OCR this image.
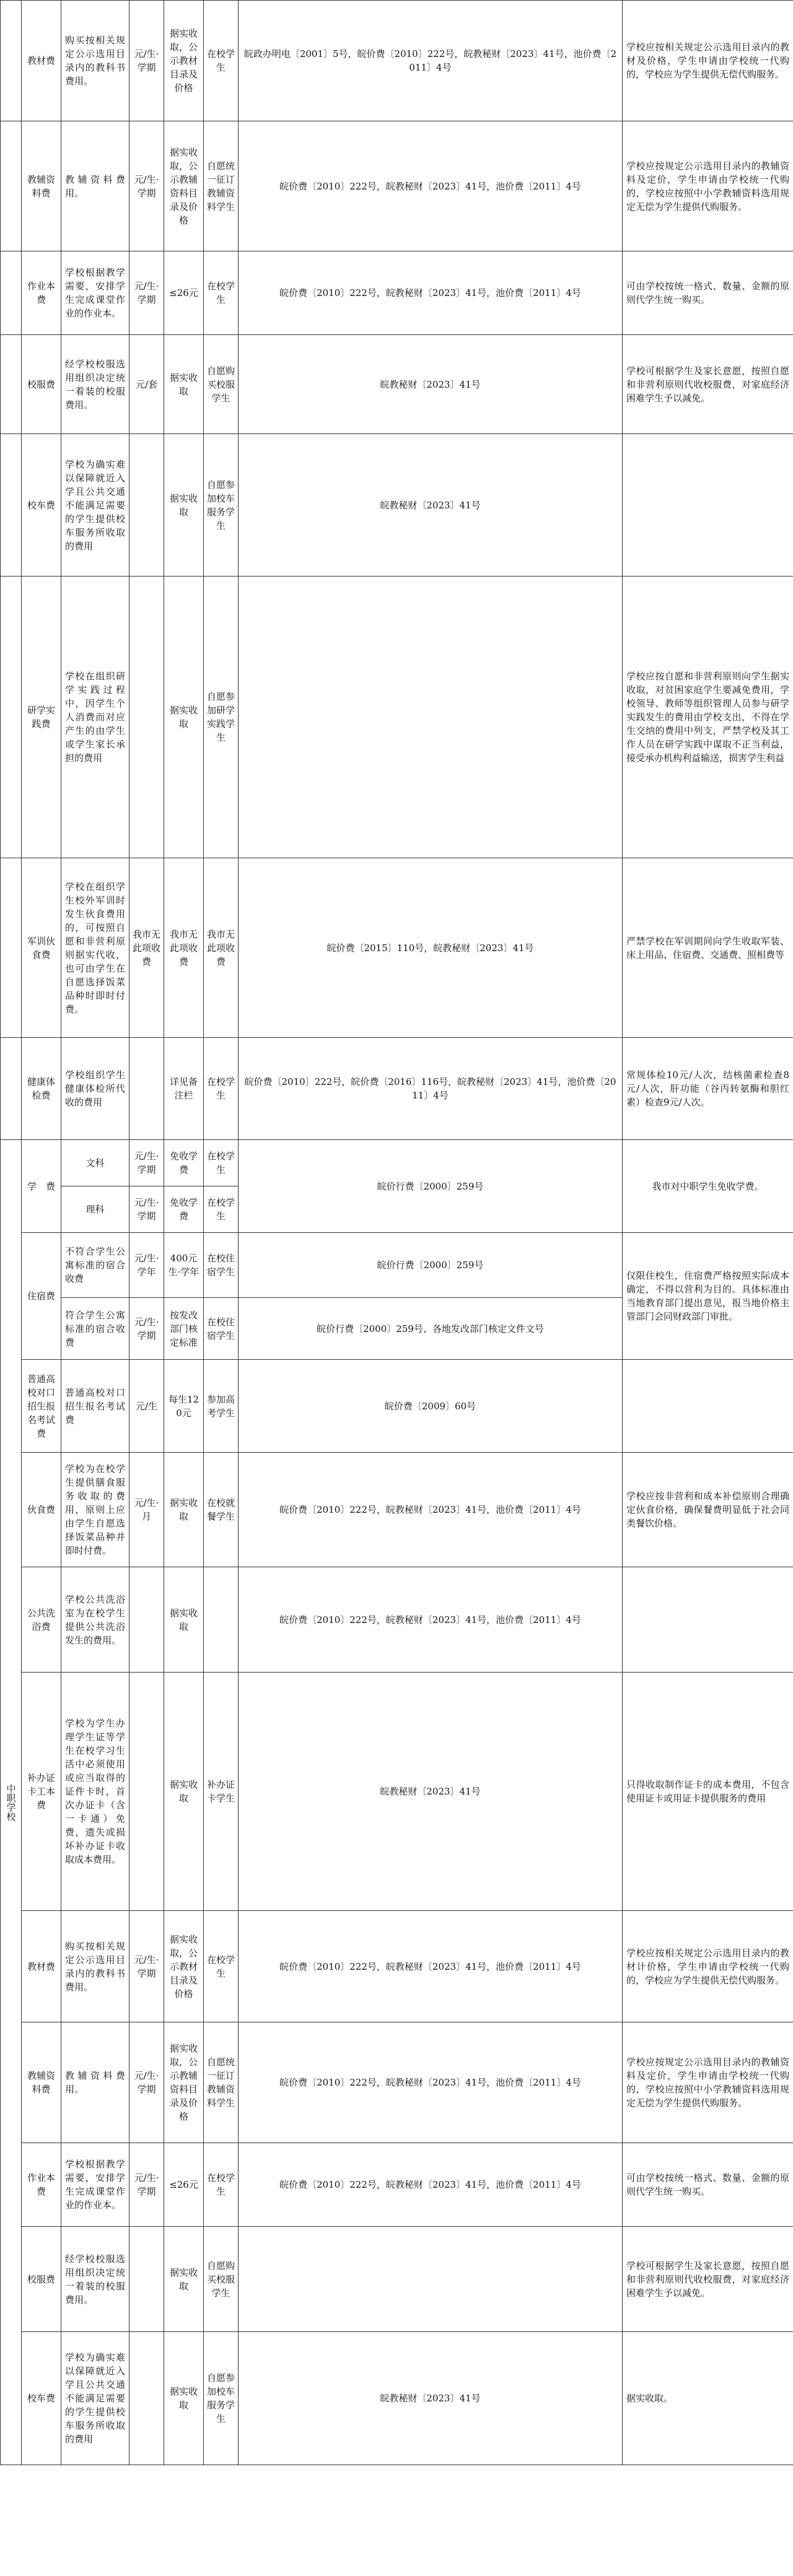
	教材费	购买按相关规定公示选用目录内的教科书费用。	元/生·学期	据实收取，公示教材目录及价格	在校学生	皖政办明电〔2001〕5号，皖价费〔2010〕222号，皖教秘财〔2023〕41号，池价费〔2011〕4号	学校应按相关规定公示选用目录内的教材及价格，学生申请由学校统一代购的，学校应为学生提供无偿代购服务。
	教辅资料费	教辅资料费用。	元/生·学期	据实收取，公示教辅资料目录及价格	自愿统一征订教辅资料学生	皖价费〔2010〕222号，皖教秘财〔2023〕41号，池价费〔2011〕4号	学校应按规定公示选用目录内的教辅资料及定价，学生申请由学校统一代购的，学校应按照中小学教辅资料选用规定无偿为学生提供代购服务。
	作业本费	学校根据教学需要，安排学生完成课堂作业的作业本。	元/生·学期	≤26元	在校学生	皖价费〔2010〕222号，皖教秘财〔2023〕41号，池价费〔2011〕4号	可由学校按统一格式、数量、金额的原则代学生统一购买。
	校服费	经学校校服选用组织决定统一着装的校服费用。	元/套	据实收取	自愿购买校服学生	皖教秘财〔2023〕41号	学校可根据学生及家长意愿，按照自愿和非营利原则代收校服费，对家庭经济困难学生予以减免。
	校车费	学校为确实难以保障就近入学且公共交通不能满足需要的学生提供校车服务所收取的费用		据实收取	自愿参加校车服务学生	皖教秘财〔2023〕41号	
	研学实践费	学校在组织研学实践过程中，因学生个人消费而对应产生的由学生或学生家长承担的费用		据实收取	自愿参加研学实践学生		学校应按自愿和非营利原则向学生据实收取，对贫困家庭学生要减免费用，学校领导、教师等组织管理人员参与研学实践发生的费用由学校支出，不得在学生交纳的费用中列支，严禁学校及其工作人员在研学实践中谋取不正当利益，接受承办机构利益输送，损害学生利益
	军训伙食费	学校在组织学生校外军训时发生伙食费用的，可按照自愿和非营利原则据实代收，也可由学生在自愿选择饭菜品种时即时付费。	我市无此项收费	我市无此项收费	我市无此项收费	皖价费〔2015〕110号，皖教秘财〔2023〕41号	严禁学校在军训期间向学生收取军装、床上用品、住宿费、交通费、照相费等
	健康体检费	学校组织学生健康体检所代收的费用		详见备注栏	在校学生	皖价费〔2010〕222号，皖价费〔2016〕116号，皖教秘财〔2023〕41号，池价费〔2011〕4号	常规体检10元/人次，结核菌素检查8元/人次，肝功能（谷丙转氨酶和胆红素）检查9元/人次。
中职学校	学　费	文科	元/生·学期	免收学费	在校学生	皖价行费〔2000〕259号	我市对中职学生免收学费。
		理科	元/生·学期	免收学费	在校学生		
	住宿费	不符合学生公寓标准的宿合收费	元/生·学年	400元生·学年	在校住宿学生	皖价行费〔2000〕259号	仅限住校生，住宿费严格按照实际成本确定，不得以营利为目的。具体标准由当地教育部门提出意见，报当地价格主管部门会同财政部门审批。
		符合学生公寓标准的宿合收费	元/生·学期	按发改部门核定标准	在校住宿学生	皖价行费〔2000〕259号、各地发改部门核定文件文号	
	普通高校对口招生报名考试费	普通高校对口招生报名考试费	元/生	每生120元	参加高考学生	皖价费〔2009〕60号	
	伙食费	学校为在校学生提供膳食服务收取的费用，原则上应由学生自愿选择饭菜品种并即时付费。	元/生·月	据实收取	在校就餐学生	皖价费〔2010〕222号，皖教秘财〔2023〕41号，池价费〔2011〕4号	学校应按非营利和成本补偿原则合理确定伙食价格，确保餐费明显低于社会同类餐饮价格。
	公共洗浴费	学校公共洗浴室为在校学生提供公共洗浴发生的费用。		据实收取		皖价费〔2010〕222号，皖教秘财〔2023〕41号，池价费〔2011〕4号	
	补办证卡工本费	学校为学生办理学生证等学生在校学习生活中必须使用或应当取得的证件卡时，首次办证卡（含一卡通）免费，遗失或损坏补办证卡收取成本费用。		据实收取	补办证卡学生	皖教秘财〔2023〕41号	只得收取制作证卡的成本费用，不包含使用证卡或用证卡提供服务的费用
	教材费	购买按相关规定公示选用目录内的教科书费用。	元/生·学期	据实收取，公示教材目录及价格	在校学生	皖价费〔2010〕222号，皖教秘财〔2023〕41号，池价费〔2011〕4号	学校应按相关规定公示选用目录内的教材计价格，学生申请由学校统一代购的，学校应为学生提供无偿代购服务。
	教辅资料费	教辅资料费用。	元/生·学期	据实收取，公示教辅资料目录及价格	自愿统一征订教辅资料学生	皖价费〔2010〕222号，皖教秘财〔2023〕41号，池价费〔2011〕4号	学校应按规定公示选用目录内的教辅资料及定价，学生申请由学校统一代购的，学校应按照中小学教辅资料选用规定无偿为学生提供代购服务。
	作业本费	学校根据教学需要，安排学生完成课堂作业的作业本。	元/生·学期	≤26元	在校学生	皖价费〔2010〕222号，皖教秘财〔2023〕41号，池价费〔2011〕4号	可由学校按统一格式、数量、金额的原则代学生统一购买。
	校服费	经学校校服选用组织决定统一着装的校服费用。		据实收取	自愿购买校服学生		学校可根据学生及家长意愿，按照自愿和非营利原则代收校服费，对家庭经济困难学生予以减免。
	校车费	学校为确实难以保障就近入学且公共交通不能满足需要的学生提供校车服务所收取的费用		据实收取	自愿参加校车服务学生	皖教秘财〔2023〕41号	据实收取。
